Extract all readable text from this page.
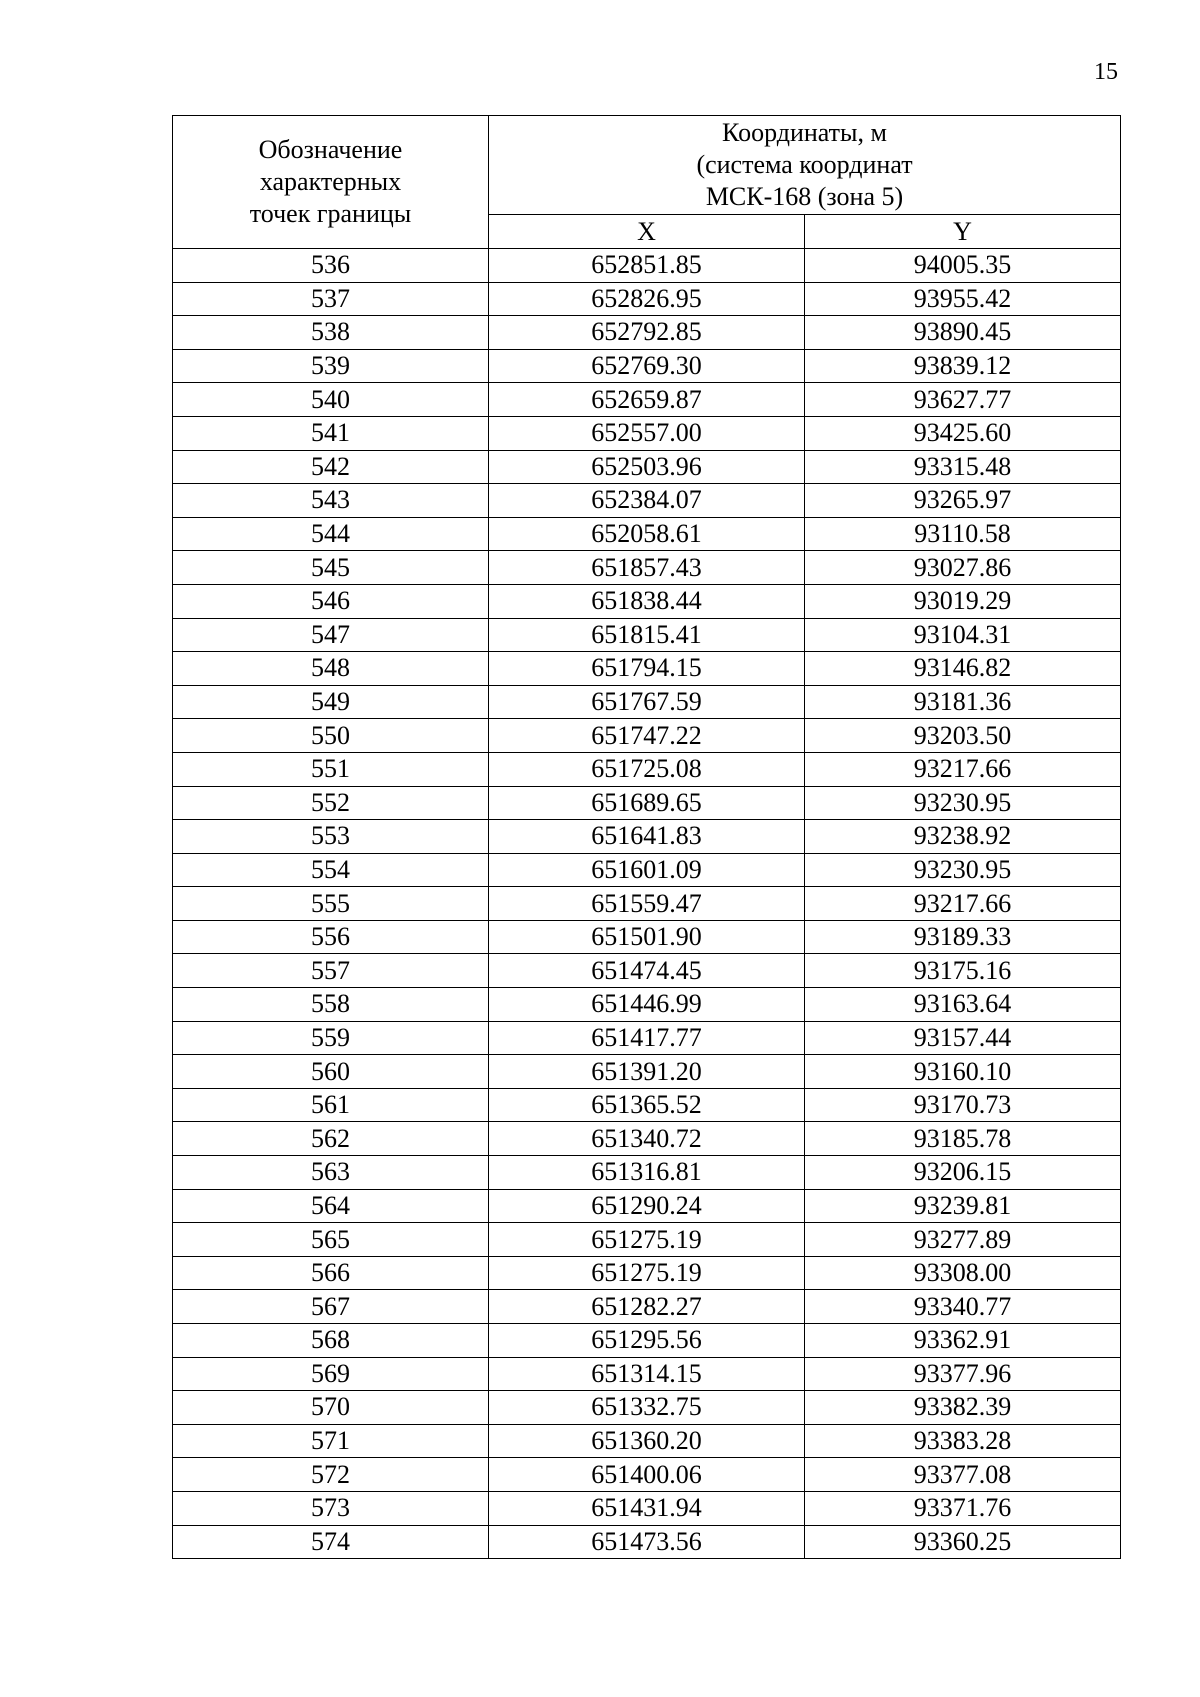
15
Обозначение
характерных
точек границы	Координаты, м
(система координат
МСК-168 (зона 5)	
	X	Y
536	652851.85	94005.35
537	652826.95	93955.42
538	652792.85	93890.45
539	652769.30	93839.12
540	652659.87	93627.77
541	652557.00	93425.60
542	652503.96	93315.48
543	652384.07	93265.97
544	652058.61	93110.58
545	651857.43	93027.86
546	651838.44	93019.29
547	651815.41	93104.31
548	651794.15	93146.82
549	651767.59	93181.36
550	651747.22	93203.50
551	651725.08	93217.66
552	651689.65	93230.95
553	651641.83	93238.92
554	651601.09	93230.95
555	651559.47	93217.66
556	651501.90	93189.33
557	651474.45	93175.16
558	651446.99	93163.64
559	651417.77	93157.44
560	651391.20	93160.10
561	651365.52	93170.73
562	651340.72	93185.78
563	651316.81	93206.15
564	651290.24	93239.81
565	651275.19	93277.89
566	651275.19	93308.00
567	651282.27	93340.77
568	651295.56	93362.91
569	651314.15	93377.96
570	651332.75	93382.39
571	651360.20	93383.28
572	651400.06	93377.08
573	651431.94	93371.76
574	651473.56	93360.25
